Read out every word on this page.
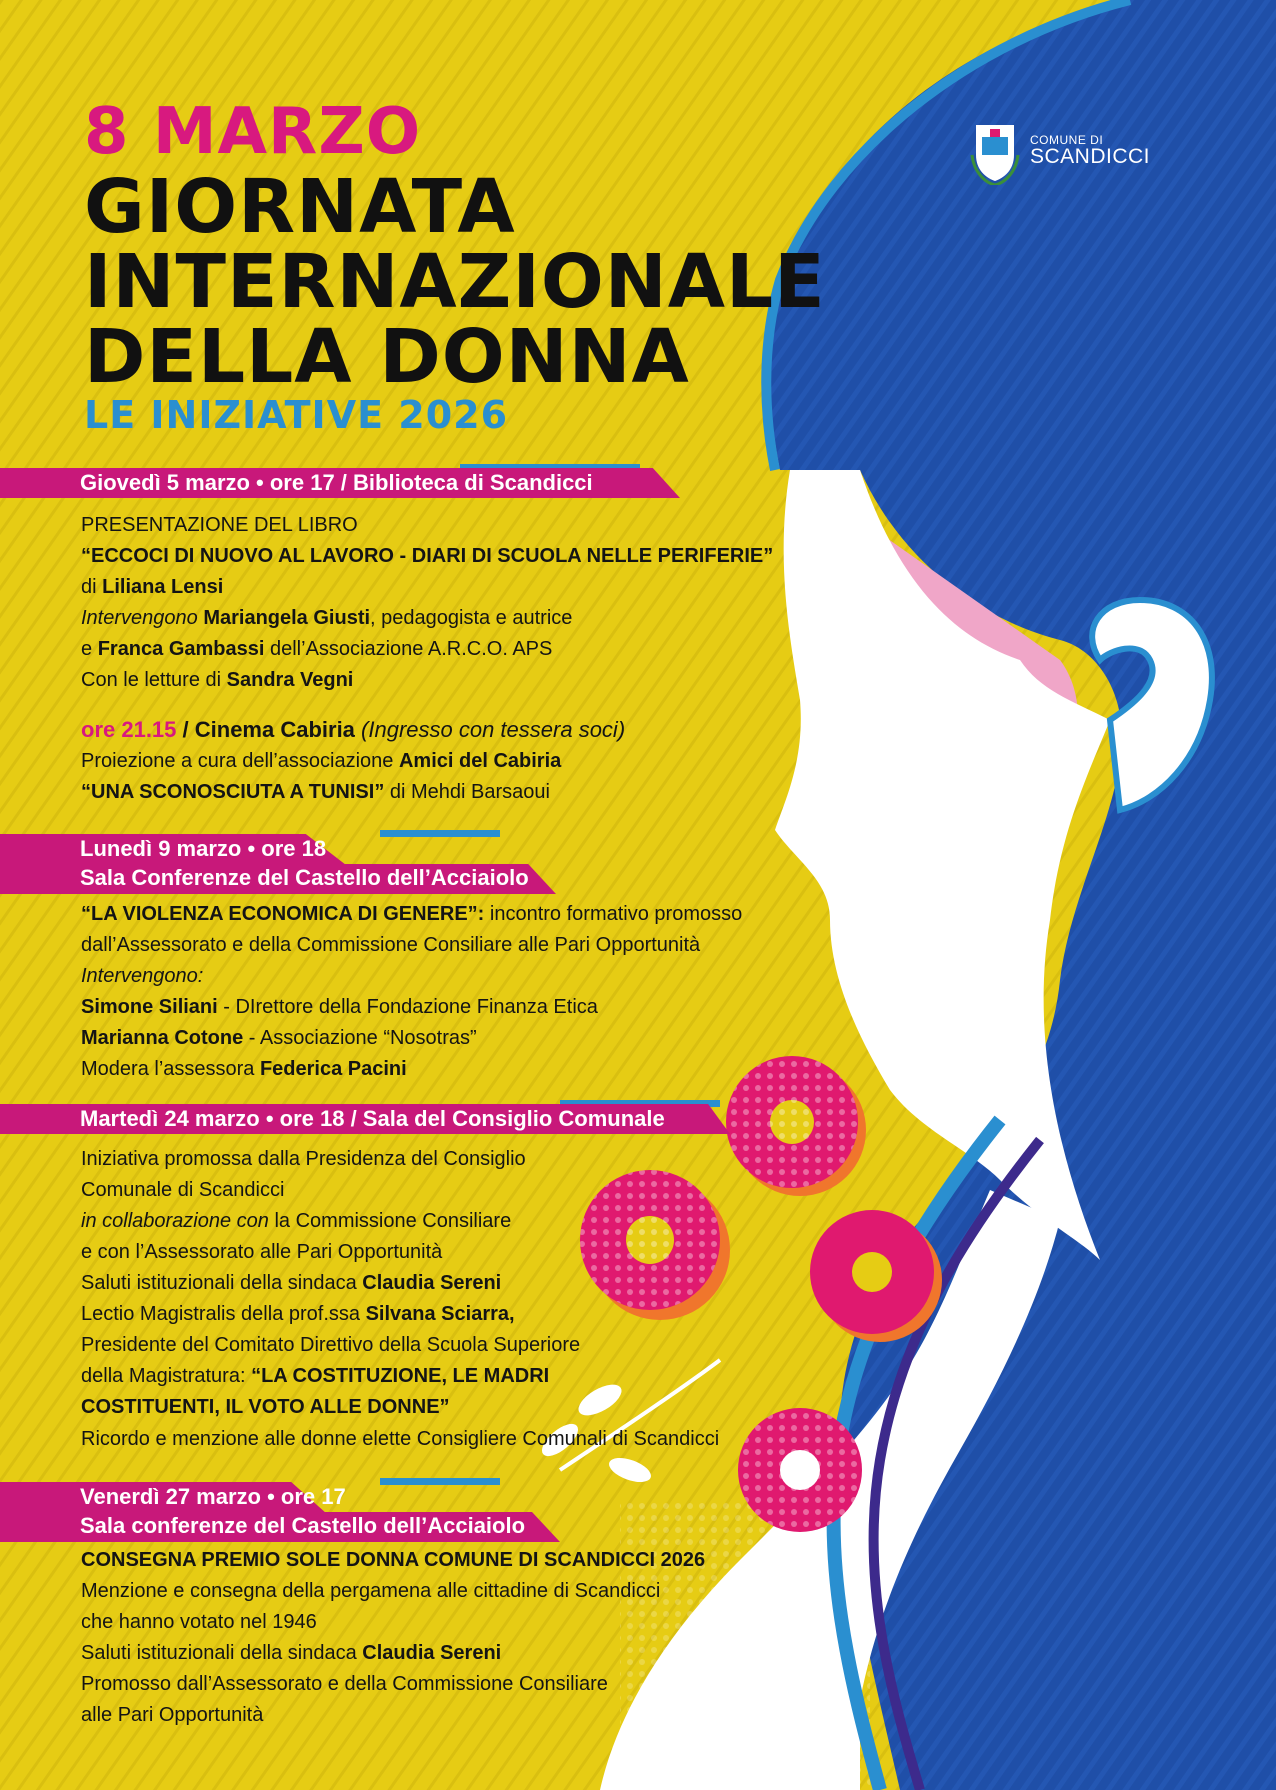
COMUNE DI
SCANDICCI
8 MARZO
GIORNATA
INTERNAZIONALE
DELLA DONNA
LE INIZIATIVE 2026
Giovedì 5 marzo • ore 17 / Biblioteca di Scandicci
PRESENTAZIONE DEL LIBRO
“ECCOCI DI NUOVO AL LAVORO - DIARI DI SCUOLA NELLE PERIFERIE”
di Liliana Lensi
Intervengono Mariangela Giusti, pedagogista e autrice
e Franca Gambassi dell’Associazione A.R.C.O. APS
Con le letture di Sandra Vegni
ore 21.15 / Cinema Cabiria (Ingresso con tessera soci)
Proiezione a cura dell’associazione Amici del Cabiria
“UNA SCONOSCIUTA A TUNISI” di Mehdi Barsaoui
Lunedì 9 marzo • ore 18
Sala Conferenze del Castello dell’Acciaiolo
“LA VIOLENZA ECONOMICA DI GENERE”: incontro formativo promosso
dall’Assessorato e della Commissione Consiliare alle Pari Opportunità
Intervengono:
Simone Siliani - DIrettore della Fondazione Finanza Etica
Marianna Cotone - Associazione “Nosotras”
Modera l’assessora Federica Pacini
Martedì 24 marzo • ore 18 / Sala del Consiglio Comunale
Iniziativa promossa dalla Presidenza del Consiglio
Comunale di Scandicci
in collaborazione con la Commissione Consiliare
e con l’Assessorato alle Pari Opportunità
Saluti istituzionali della sindaca Claudia Sereni
Lectio Magistralis della prof.ssa Silvana Sciarra,
Presidente del Comitato Direttivo della Scuola Superiore
della Magistratura: “LA COSTITUZIONE, LE MADRI
COSTITUENTI, IL VOTO ALLE DONNE”
Ricordo e menzione alle donne elette Consigliere Comunali di Scandicci
Venerdì 27 marzo • ore 17
Sala conferenze del Castello dell’Acciaiolo
CONSEGNA PREMIO SOLE DONNA COMUNE DI SCANDICCI 2026
Menzione e consegna della pergamena alle cittadine di Scandicci
che hanno votato nel 1946
Saluti istituzionali della sindaca Claudia Sereni
Promosso dall’Assessorato e della Commissione Consiliare
alle Pari Opportunità
